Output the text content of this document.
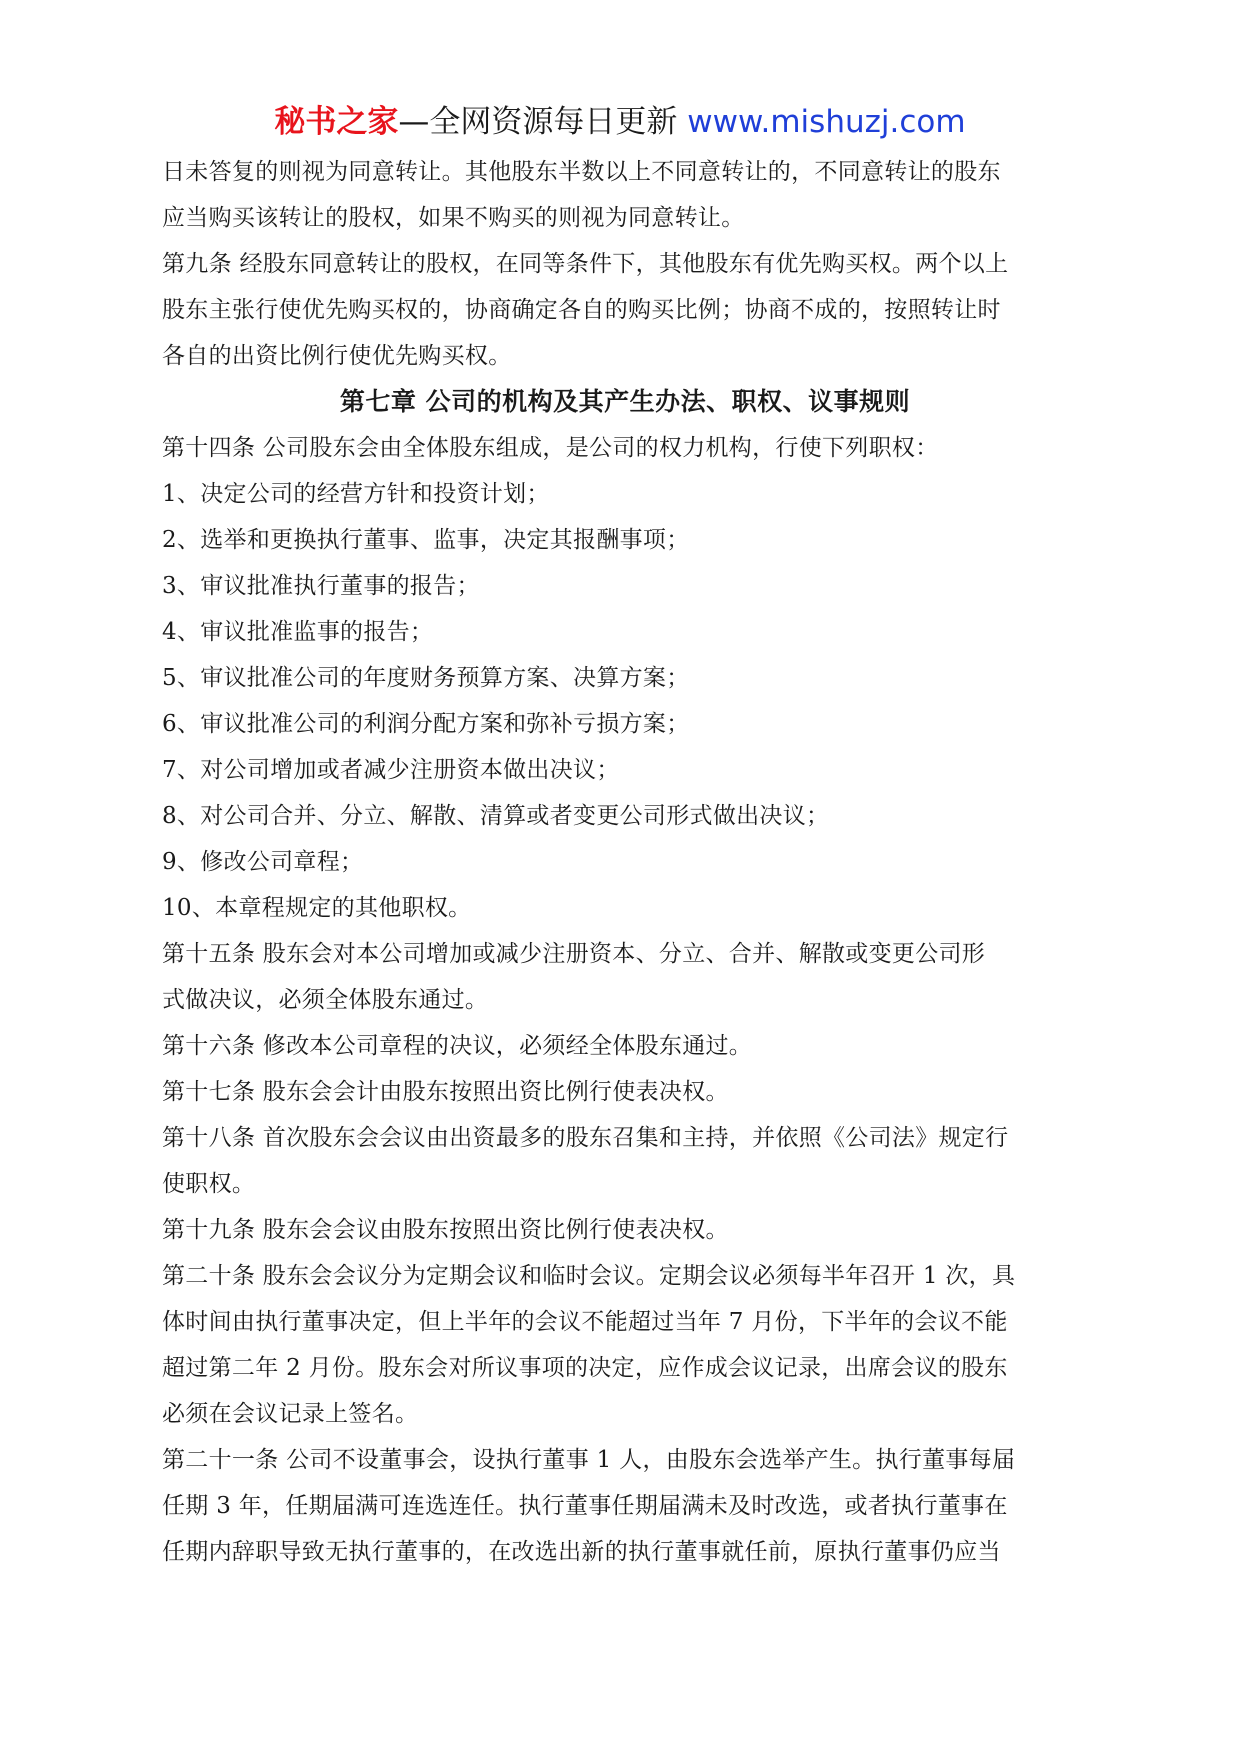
秘书之家—全网资源每日更新 www.mishuzj.com
日未答复的则视为同意转让。其他股东半数以上不同意转让的，不同意转让的股东
应当购买该转让的股权，如果不购买的则视为同意转让。
第九条 经股东同意转让的股权，在同等条件下，其他股东有优先购买权。两个以上
股东主张行使优先购买权的，协商确定各自的购买比例；协商不成的，按照转让时
各自的出资比例行使优先购买权。
第七章 公司的机构及其产生办法、职权、议事规则
第十四条 公司股东会由全体股东组成，是公司的权力机构，行使下列职权：
1、决定公司的经营方针和投资计划；
2、选举和更换执行董事、监事，决定其报酬事项；
3、审议批准执行董事的报告；
4、审议批准监事的报告；
5、审议批准公司的年度财务预算方案、决算方案；
6、审议批准公司的利润分配方案和弥补亏损方案；
7、对公司增加或者减少注册资本做出决议；
8、对公司合并、分立、解散、清算或者变更公司形式做出决议；
9、修改公司章程；
10、本章程规定的其他职权。
第十五条 股东会对本公司增加或减少注册资本、分立、合并、解散或变更公司形
式做决议，必须全体股东通过。
第十六条 修改本公司章程的决议，必须经全体股东通过。
第十七条 股东会会计由股东按照出资比例行使表决权。
第十八条 首次股东会会议由出资最多的股东召集和主持，并依照《公司法》规定行
使职权。
第十九条 股东会会议由股东按照出资比例行使表决权。
第二十条 股东会会议分为定期会议和临时会议。定期会议必须每半年召开 1 次，具
体时间由执行董事决定，但上半年的会议不能超过当年 7 月份，下半年的会议不能
超过第二年 2 月份。股东会对所议事项的决定，应作成会议记录，出席会议的股东
必须在会议记录上签名。
第二十一条 公司不设董事会，设执行董事 1 人，由股东会选举产生。执行董事每届
任期 3 年，任期届满可连选连任。执行董事任期届满未及时改选，或者执行董事在
任期内辞职导致无执行董事的，在改选出新的执行董事就任前，原执行董事仍应当
